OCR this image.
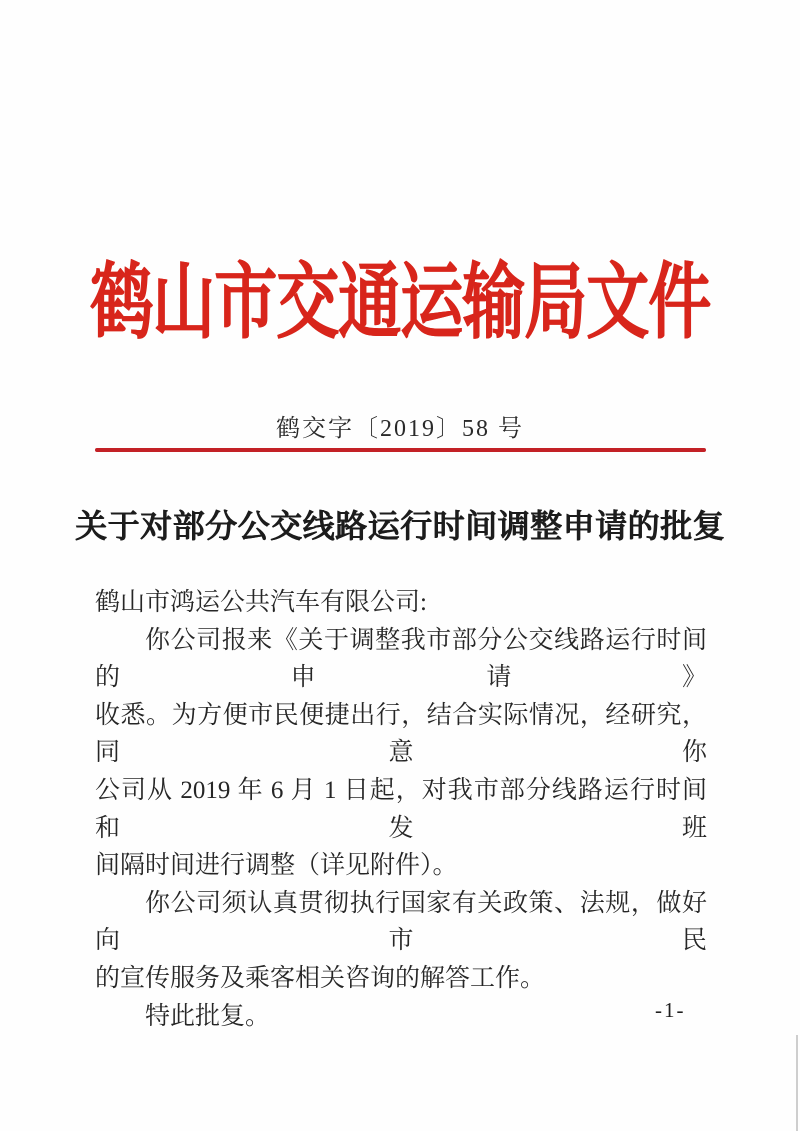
鹤山市交通运输局文件
鹤交字〔2019〕58 号
关于对部分公交线路运行时间调整申请的批复
鹤山市鸿运公共汽车有限公司:
你公司报来《关于调整我市部分公交线路运行时间的申请》
收悉。为方便市民便捷出行，结合实际情况，经研究，同意你
公司从 2019 年 6 月 1 日起，对我市部分线路运行时间和发班
间隔时间进行调整（详见附件）。
你公司须认真贯彻执行国家有关政策、法规，做好向市民
的宣传服务及乘客相关咨询的解答工作。
特此批复。	-1-
